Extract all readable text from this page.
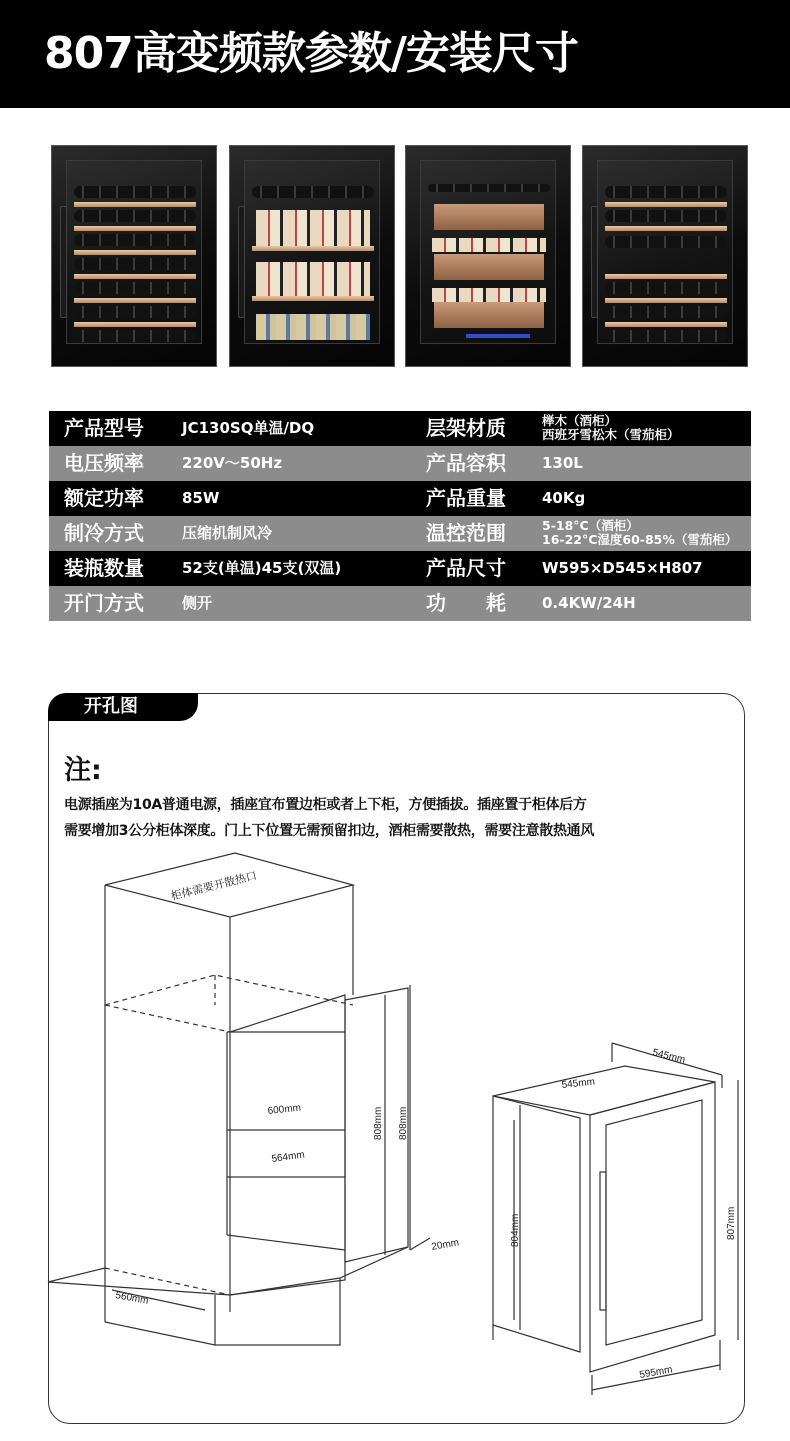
807高变频款参数/安装尺寸
产品型号	JC130SQ单温/DQ	层架材质	榉木（酒柜）
西班牙雪松木（雪茄柜）
电压频率	220V～50Hz	产品容积 130L
额定功率	85W	产品重量 40Kg
制冷方式	压缩机制风冷	温控范围	5-18°C（酒柜）
16-22°C湿度60-85%（雪茄柜）
装瓶数量	52支(单温)45支(双温)	产品尺寸 W595×D545×H807
开门方式	侧开	功　　耗 0.4KW/24H
开孔图
注:
电源插座为10A普通电源，插座宜布置边柜或者上下柜，方便插拔。插座置于柜体后方
需要增加3公分柜体深度。门上下位置无需预留扣边，酒柜需要散热，需要注意散热通风
柜体需要开散热口
600mm
564mm
808mm 808mm
20mm
560mm
545mm
545mm
804mm	807mm
595mm
